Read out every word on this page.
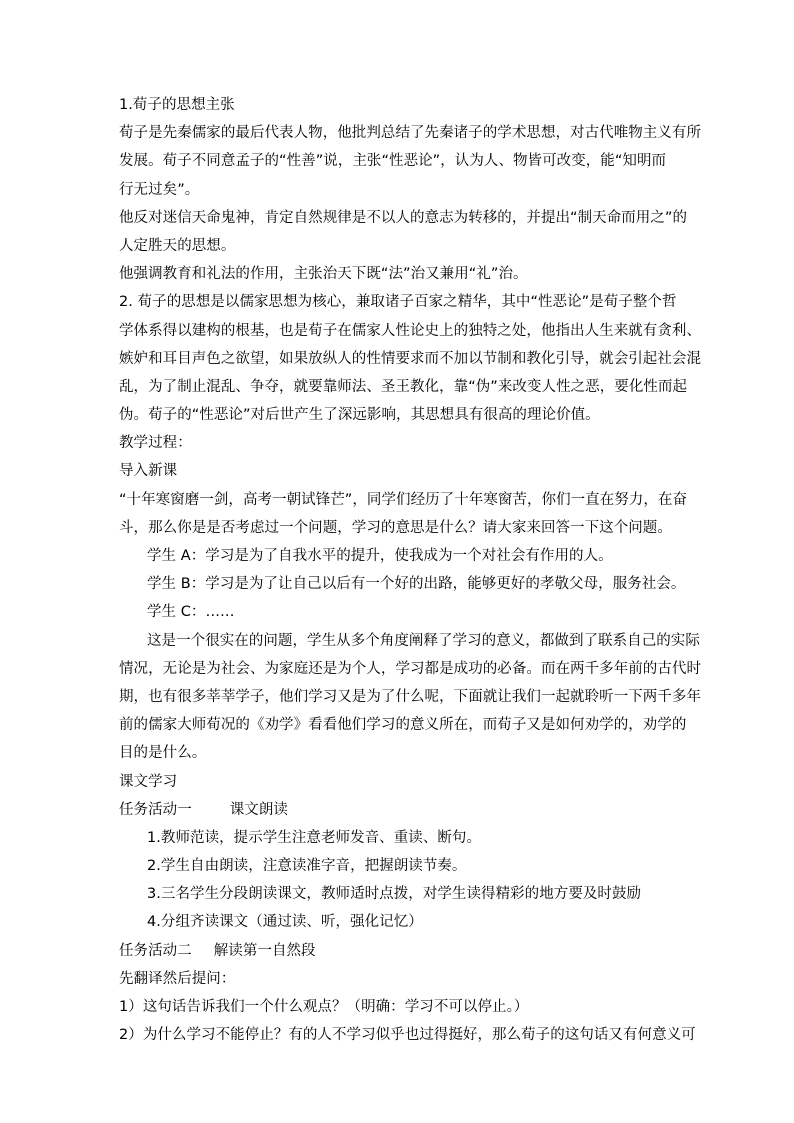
1.荀子的思想主张
荀子是先秦儒家的最后代表人物，他批判总结了先秦诸子的学术思想，对古代唯物主义有所
发展。荀子不同意孟子的“性善”说，主张“性恶论”，认为人、物皆可改变，能“知明而
行无过矣”。
他反对迷信天命鬼神，肯定自然规律是不以人的意志为转移的，并提出“制天命而用之”的
人定胜天的思想。
他强调教育和礼法的作用，主张治天下既“法”治又兼用“礼”治。
2. 荀子的思想是以儒家思想为核心，兼取诸子百家之精华，其中“性恶论”是荀子整个哲
学体系得以建构的根基，也是荀子在儒家人性论史上的独特之处，他指出人生来就有贪利、
嫉妒和耳目声色之欲望，如果放纵人的性情要求而不加以节制和教化引导，就会引起社会混
乱，为了制止混乱、争夺，就要靠师法、圣王教化，靠“伪”来改变人性之恶，要化性而起
伪。荀子的“性恶论”对后世产生了深远影响，其思想具有很高的理论价值。
教学过程：
导入新课
“十年寒窗磨一剑，高考一朝试锋芒”，同学们经历了十年寒窗苦，你们一直在努力，在奋
斗，那么你是是否考虑过一个问题，学习的意思是什么？请大家来回答一下这个问题。
学生 A：学习是为了自我水平的提升，使我成为一个对社会有作用的人。
学生 B：学习是为了让自己以后有一个好的出路，能够更好的孝敬父母，服务社会。
学生 C：……
这是一个很实在的问题，学生从多个角度阐释了学习的意义，都做到了联系自己的实际
情况，无论是为社会、为家庭还是为个人，学习都是成功的必备。而在两千多年前的古代时
期，也有很多莘莘学子，他们学习又是为了什么呢，下面就让我们一起就聆听一下两千多年
前的儒家大师荀况的《劝学》看看他们学习的意义所在，而荀子又是如何劝学的，劝学的
目的是什么。
课文学习
任务活动一	课文朗读
1.教师范读，提示学生注意老师发音、重读、断句。
2.学生自由朗读，注意读准字音，把握朗读节奏。
3.三名学生分段朗读课文，教师适时点拨，对学生读得精彩的地方要及时鼓励
4.分组齐读课文（通过读、听，强化记忆）
任务活动二 解读第一自然段
先翻译然后提问：
1）这句话告诉我们一个什么观点？（明确：学习不可以停止。）
2）为什么学习不能停止？有的人不学习似乎也过得挺好，那么荀子的这句话又有何意义可
